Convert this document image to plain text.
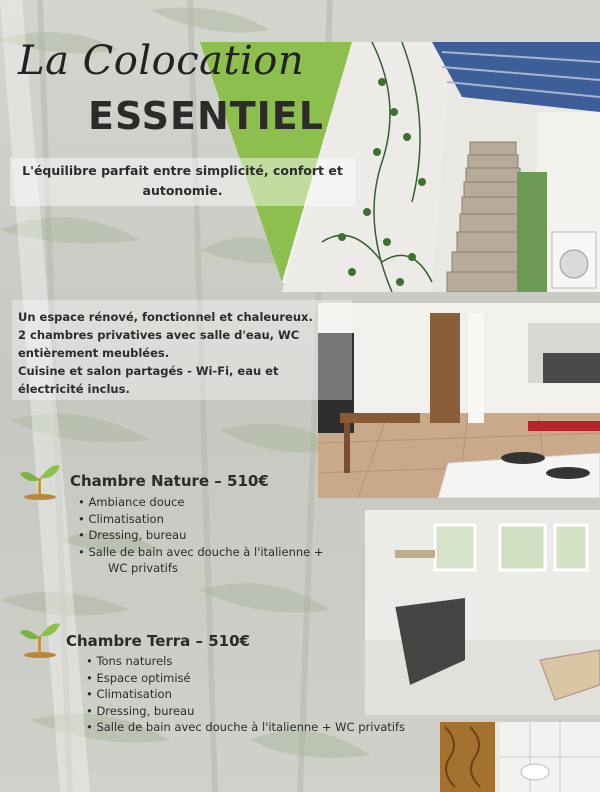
La Colocation
ESSENTIEL
L'équilibre parfait entre simplicité, confort et
autonomie.
Un espace rénové, fonctionnel et chaleureux.
2 chambres privatives avec salle d'eau, WC
entièrement meublées.
Cuisine et salon partagés - Wi-Fi, eau et
électricité inclus.
Chambre Nature – 510€
• Ambiance douce
• Climatisation
• Dressing, bureau
• Salle de bain avec douche à l'italienne +
WC privatifs
Chambre Terra – 510€
• Tons naturels
• Espace optimisé
• Climatisation
• Dressing, bureau
• Salle de bain avec douche à l'italienne + WC privatifs
